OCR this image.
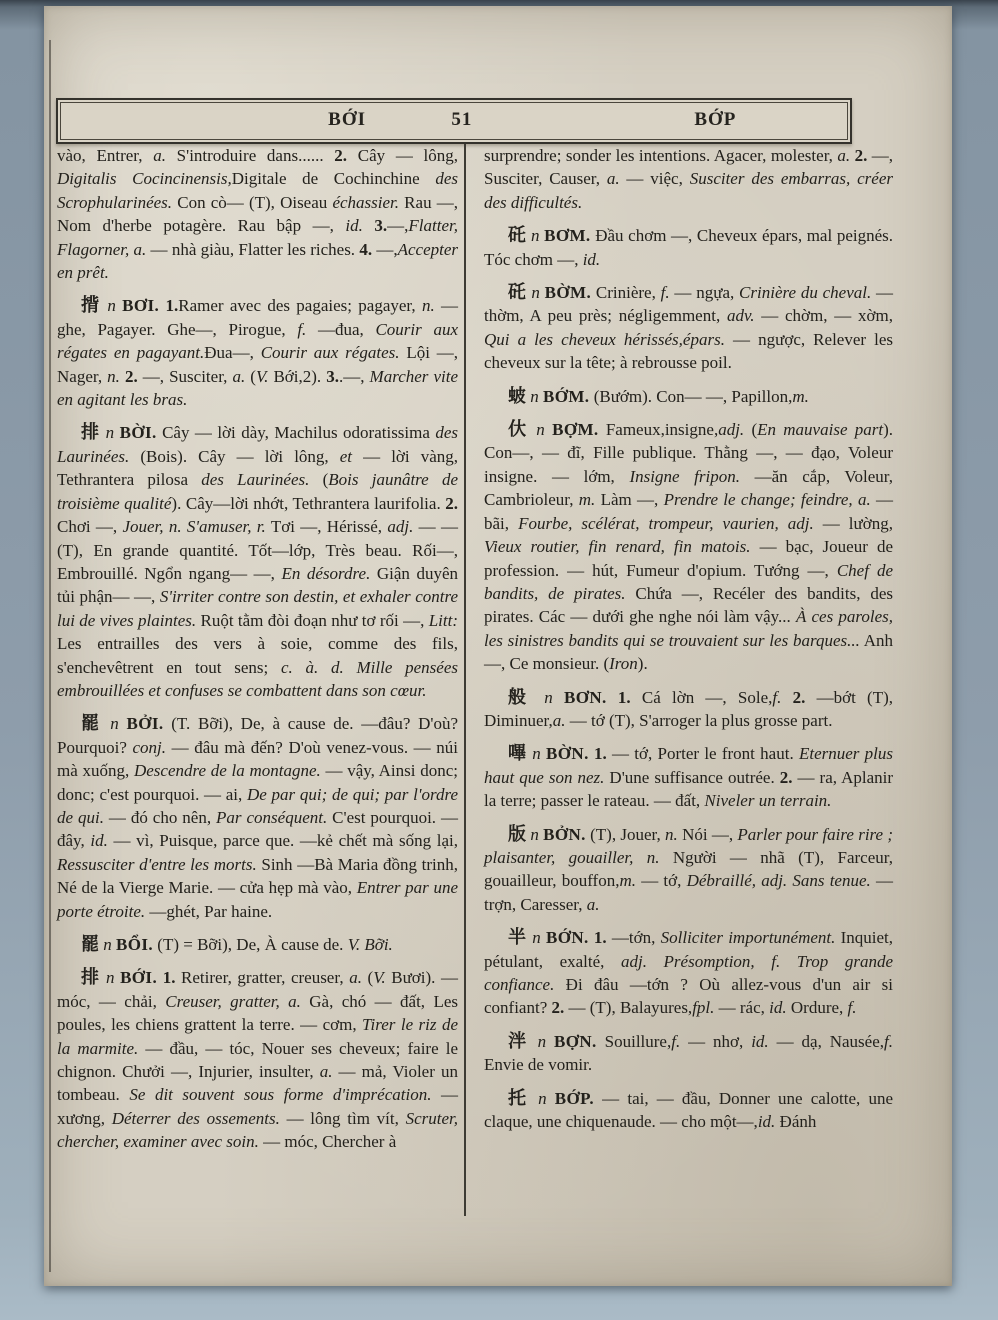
BỚI	51	BỚP

vào, Entrer, a. S'introduire dans...... 2. Cây — lông, Digitalis Cocincinensis,Digitale de Cochinchine des Scrophularinées. Con cò— (T), Oiseau échassier. Rau —, Nom d'herbe potagère. Rau bập —, id. 3.—,Flatter, Flagorner, a. — nhà giàu, Flatter les riches. 4. —,Accepter en prêt.

揹 n BƠI. 1.Ramer avec des pagaies; pagayer, n. —ghe, Pagayer. Ghe—, Pirogue, f. —đua, Courir aux régates en pagayant.Đua—, Courir aux régates. Lội —, Nager, n. 2. —, Susciter, a. (V. Bới,2). 3..—, Marcher vite en agitant les bras.

排 n BỜI. Cây — lời dày, Machilus odoratissima des Laurinées. (Bois). Cây — lời lông, et — lời vàng, Tethrantera pilosa des Laurinées. (Bois jaunâtre de troisième qualité). Cây—lời nhớt, Tethrantera laurifolia. 2. Chơi —, Jouer, n. S'amuser, r. Tơi —, Hérissé, adj. — —(T), En grande quantité. Tốt—lớp, Très beau. Rối—, Embrouillé. Ngổn ngang— —, En désordre. Giận duyên tủi phận— —, S'irriter contre son destin, et exhaler contre lui de vives plaintes. Ruột tằm đòi đoạn như tơ rối —, Litt: Les entrailles des vers à soie, comme des fils, s'enchevêtrent en tout sens; c. à. d. Mille pensées embrouillées et confuses se combattent dans son cœur.

罷 n BỞI. (T. Bỡi), De, à cause de. —đâu? D'où? Pourquoi? conj. — đâu mà đến? D'où venez-vous. — núi mà xuống, Descendre de la montagne. — vậy, Ainsi donc; donc; c'est pourquoi. — ai, De par qui; de qui; par l'ordre de qui. — đó cho nên, Par conséquent. C'est pourquoi. — đây, id. — vì, Puisque, parce que. —kẻ chết mà sống lại, Ressusciter d'entre les morts. Sinh —Bà Maria đồng trinh, Né de la Vierge Marie. — cửa hẹp mà vào, Entrer par une porte étroite. —ghét, Par haine.

罷 n BỔI. (T) = Bỡi), De, À cause de. V. Bỡi.

排 n BỚI. 1. Retirer, gratter, creuser, a. (V. Bươi). — móc, — chải, Creuser, gratter, a. Gà, chó — đất, Les poules, les chiens grattent la terre. — cơm, Tirer le riz de la marmite. — đầu, — tóc, Nouer ses cheveux; faire le chignon. Chưởi —, Injurier, insulter, a. — mả, Violer un tombeau. Se dit souvent sous forme d'imprécation. — xương, Déterrer des ossements. — lông tìm vít, Scruter, chercher, examiner avec soin. — móc, Chercher à

surprendre; sonder les intentions. Agacer, molester, a. 2. —, Susciter, Causer, a. — việc, Susciter des embarras, créer des difficultés.

矺 n BƠM. Đầu chơm —, Cheveux épars, mal peignés. Tóc chơm —, id.

矺 n BỜM. Crinière, f. — ngựa, Crinière du cheval. — thờm, A peu près; négligemment, adv. — chờm, — xờm, Qui a les cheveux hérissés,épars. — ngược, Relever les cheveux sur la tête; à rebrousse poil.

蚾 n BỚM. (Bướm). Con— —, Papillon,m.

㐲 n BỢM. Fameux,insigne,adj. (En mauvaise part). Con—, — đĩ, Fille publique. Thằng —, — đạo, Voleur insigne. — lớm, Insigne fripon. —ăn cắp, Voleur, Cambrioleur, m. Làm —, Prendre le change; feindre, a. — bãi, Fourbe, scélérat, trompeur, vaurien, adj. — lường, Vieux routier, fin renard, fin matois. — bạc, Joueur de profession. — hút, Fumeur d'opium. Tướng —, Chef de bandits, de pirates. Chứa —, Recéler des bandits, des pirates. Các — dưới ghe nghe nói làm vậy... À ces paroles, les sinistres bandits qui se trouvaient sur les barques... Anh —, Ce monsieur. (Iron).

般 n BƠN. 1. Cá lờn —, Sole,f. 2. —bớt (T), Diminuer,a. — tớ (T), S'arroger la plus grosse part.

嗶 n BỜN. 1. — tớ, Porter le front haut. Eternuer plus haut que son nez. D'une suffisance outrée. 2. — ra, Aplanir la terre; passer le rateau. — đất, Niveler un terrain.

版 n BỞN. (T), Jouer, n. Nói —, Parler pour faire rire ; plaisanter, gouailler, n. Người — nhã (T), Farceur, gouailleur, bouffon,m. — tớ, Débraillé, adj. Sans tenue. — trợn, Caresser, a.

半 n BỚN. 1. —tớn, Solliciter importunément. Inquiet, pétulant, exalté, adj. Présomption, f. Trop grande confiance. Đi đâu —tớn ? Où allez-vous d'un air si confiant? 2. — (T), Balayures,fpl. — rác, id. Ordure, f.

泮 n BỢN. Souillure,f. — nhơ, id. — dạ, Nausée,f. Envie de vomir.

托 n BỚP. — tai, — đầu, Donner une calotte, une claque, une chiquenaude. — cho một—,id. Đánh
